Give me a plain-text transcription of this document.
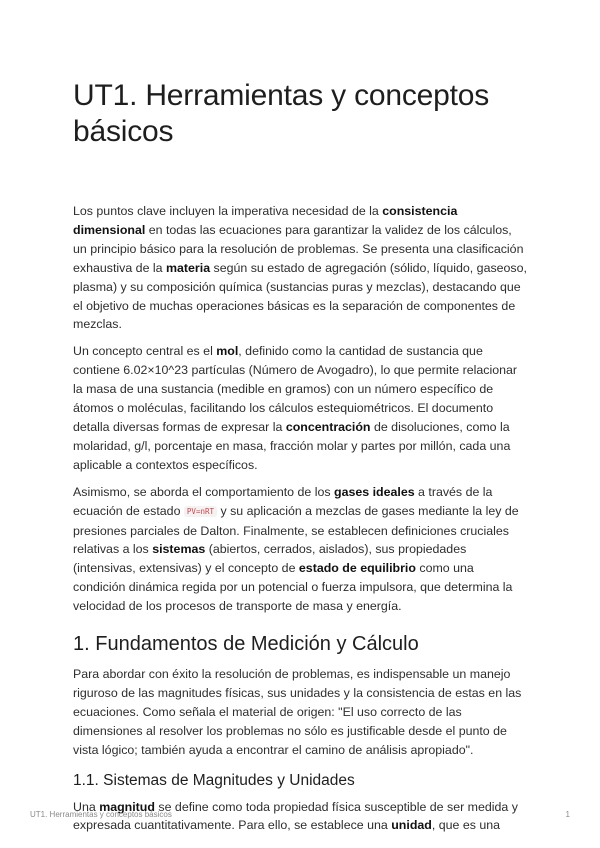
UT1. Herramientas y conceptos básicos

Los puntos clave incluyen la imperativa necesidad de la consistencia dimensional en todas las ecuaciones para garantizar la validez de los cálculos, un principio básico para la resolución de problemas. Se presenta una clasificación exhaustiva de la materia según su estado de agregación (sólido, líquido, gaseoso, plasma) y su composición química (sustancias puras y mezclas), destacando que el objetivo de muchas operaciones básicas es la separación de componentes de mezclas.

Un concepto central es el mol, definido como la cantidad de sustancia que contiene 6.02×10^23 partículas (Número de Avogadro), lo que permite relacionar la masa de una sustancia (medible en gramos) con un número específico de átomos o moléculas, facilitando los cálculos estequiométricos. El documento detalla diversas formas de expresar la concentración de disoluciones, como la molaridad, g/l, porcentaje en masa, fracción molar y partes por millón, cada una aplicable a contextos específicos.

Asimismo, se aborda el comportamiento de los gases ideales a través de la ecuación de estado PV=nRT y su aplicación a mezclas de gases mediante la ley de presiones parciales de Dalton. Finalmente, se establecen definiciones cruciales relativas a los sistemas (abiertos, cerrados, aislados), sus propiedades (intensivas, extensivas) y el concepto de estado de equilibrio como una condición dinámica regida por un potencial o fuerza impulsora, que determina la velocidad de los procesos de transporte de masa y energía.

1. Fundamentos de Medición y Cálculo

Para abordar con éxito la resolución de problemas, es indispensable un manejo riguroso de las magnitudes físicas, sus unidades y la consistencia de estas en las ecuaciones. Como señala el material de origen: "El uso correcto de las dimensiones al resolver los problemas no sólo es justificable desde el punto de vista lógico; también ayuda a encontrar el camino de análisis apropiado".

1.1. Sistemas de Magnitudes y Unidades

Una magnitud se define como toda propiedad física susceptible de ser medida y expresada cuantitativamente. Para ello, se establece una unidad, que es una

UT1. Herramientas y conceptos básicos	1
